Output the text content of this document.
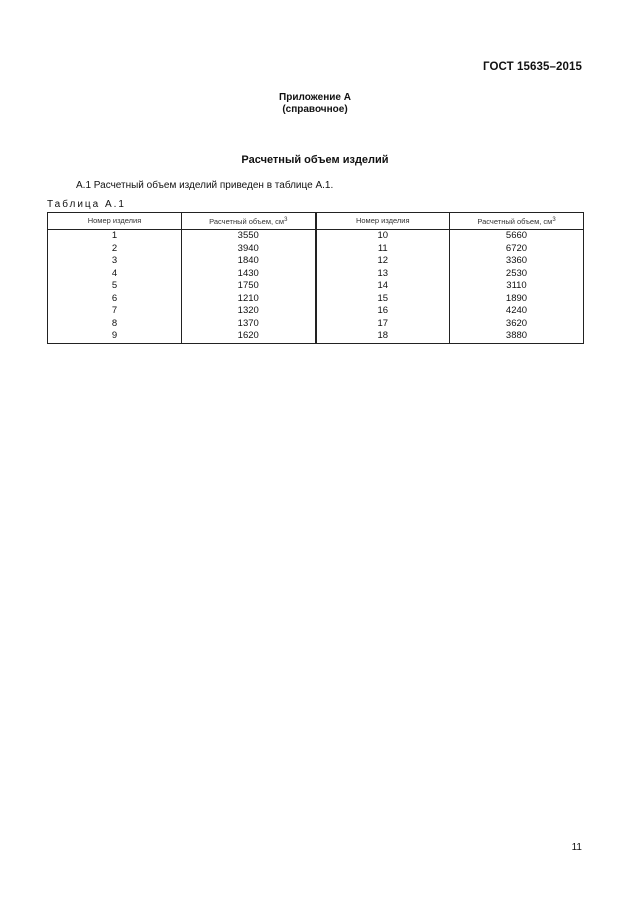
ГОСТ 15635–2015
Приложение А
(справочное)
Расчетный объем изделий
А.1 Расчетный объем изделий приведен в таблице А.1.
Таблица А.1
Номер изделия	Расчетный объем, $см^3$	Номер изделия	Расчетный объем, $см^3$
1	3550	10	5660
2	3940	11	6720
3	1840	12	3360
4	1430	13	2530
5	1750	14	3110
6	1210	15	1890
7	1320	16	4240
8	1370	17	3620
9	1620	18	3880
11
